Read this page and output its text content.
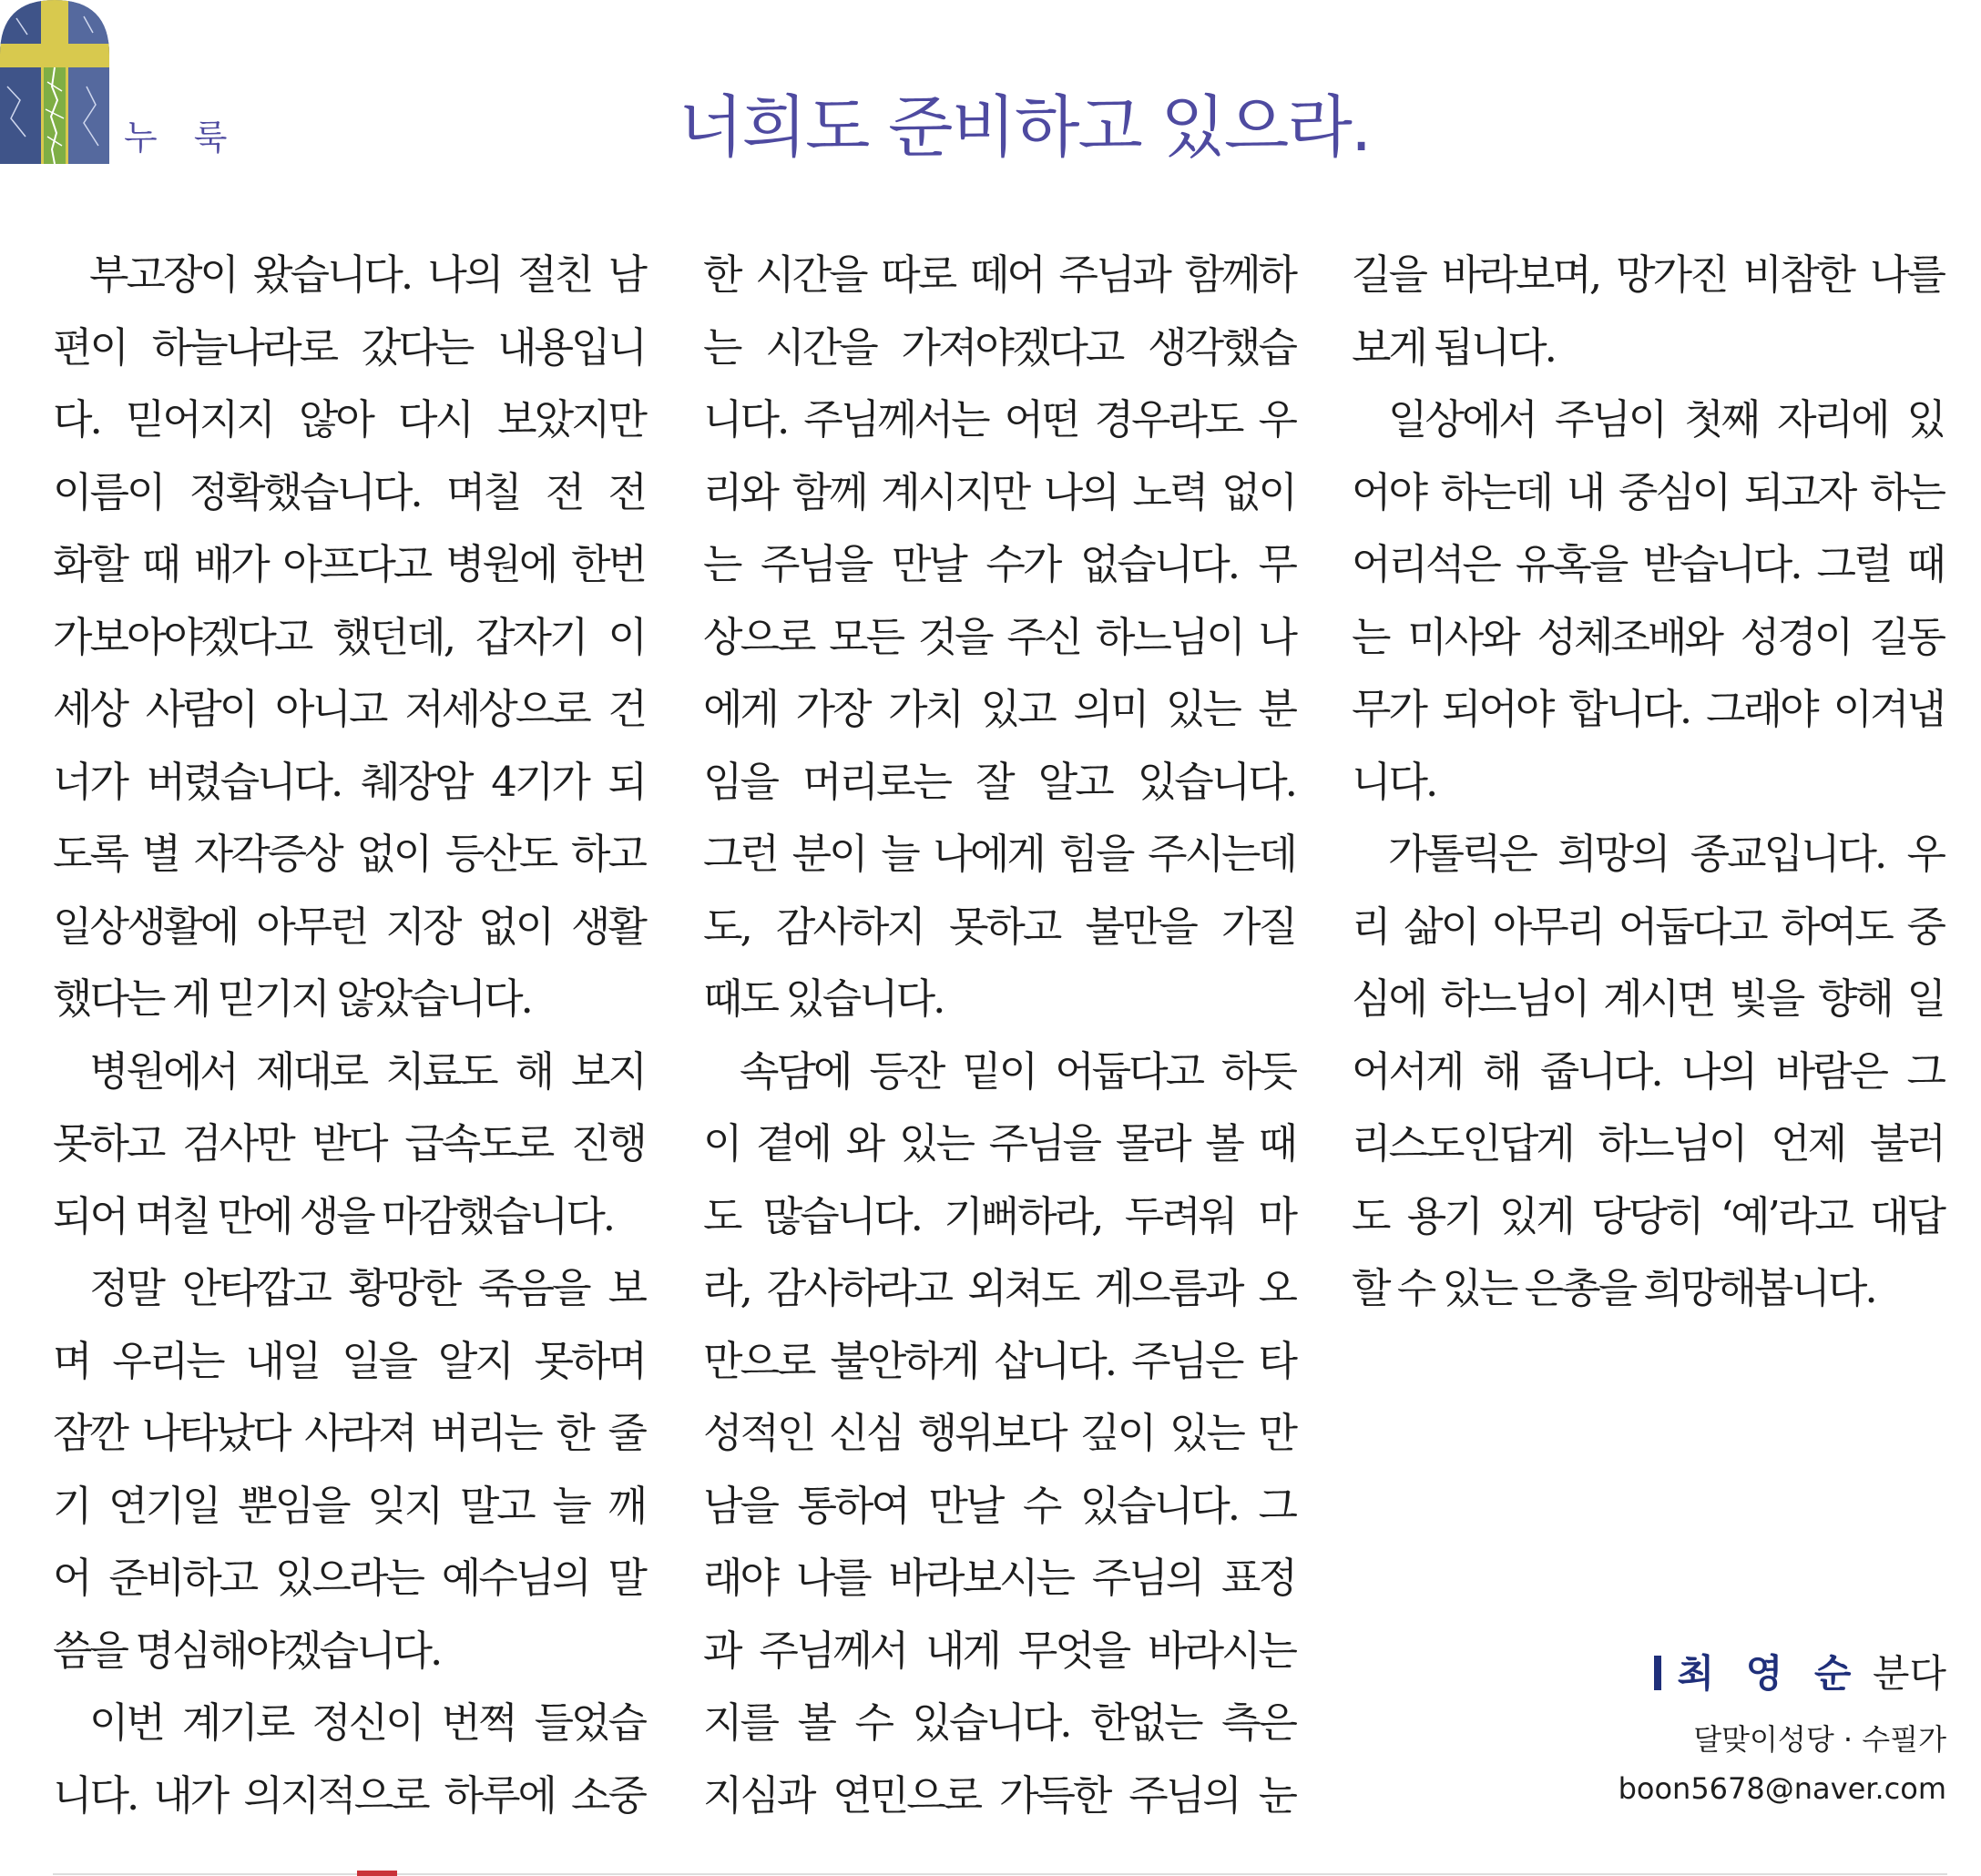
누 룩	너희도 준비하고 있으라.
부고장이 왔습니다. 나의 절친 남
편이 하늘나라로 갔다는 내용입니
다. 믿어지지 않아 다시 보았지만
이름이 정확했습니다. 며칠 전 전
화할 때 배가 아프다고 병원에 한번
가보아야겠다고 했던데, 갑자기 이
세상 사람이 아니고 저세상으로 건
너가 버렸습니다. 췌장암 4기가 되
도록 별 자각증상 없이 등산도 하고
일상생활에 아무런 지장 없이 생활
했다는 게 믿기지 않았습니다.
병원에서 제대로 치료도 해 보지
못하고 검사만 받다 급속도로 진행
되어 며칠 만에 생을 마감했습니다.
정말 안타깝고 황망한 죽음을 보
며 우리는 내일 일을 알지 못하며
잠깐 나타났다 사라져 버리는 한 줄
기 연기일 뿐임을 잊지 말고 늘 깨
어 준비하고 있으라는 예수님의 말
씀을 명심해야겠습니다.
이번 계기로 정신이 번쩍 들었습
니다. 내가 의지적으로 하루에 소중
한 시간을 따로 떼어 주님과 함께하
는 시간을 가져야겠다고 생각했습
니다. 주님께서는 어떤 경우라도 우
리와 함께 계시지만 나의 노력 없이
는 주님을 만날 수가 없습니다. 무
상으로 모든 것을 주신 하느님이 나
에게 가장 가치 있고 의미 있는 분
임을 머리로는 잘 알고 있습니다.
그런 분이 늘 나에게 힘을 주시는데
도, 감사하지 못하고 불만을 가질
때도 있습니다.
속담에 등잔 밑이 어둡다고 하듯
이 곁에 와 있는 주님을 몰라 볼 때
도 많습니다. 기뻐하라, 두려워 마
라, 감사하라고 외쳐도 게으름과 오
만으로 불안하게 삽니다. 주님은 타
성적인 신심 행위보다 깊이 있는 만
남을 통하여 만날 수 있습니다. 그
래야 나를 바라보시는 주님의 표정
과 주님께서 내게 무엇을 바라시는
지를 볼 수 있습니다. 한없는 측은
지심과 연민으로 가득한 주님의 눈
길을 바라보며, 망가진 비참한 나를
보게 됩니다.
일상에서 주님이 첫째 자리에 있
어야 하는데 내 중심이 되고자 하는
어리석은 유혹을 받습니다. 그럴 때
는 미사와 성체조배와 성경이 길동
무가 되어야 합니다. 그래야 이겨냅
니다.
가톨릭은 희망의 종교입니다. 우
리 삶이 아무리 어둡다고 하여도 중
심에 하느님이 계시면 빛을 향해 일
어서게 해 줍니다. 나의 바람은 그
리스도인답게 하느님이 언제 불러
도 용기 있게 당당히 ‘예’라고 대답
할 수 있는 은총을 희망해봅니다.
최 영 순 분다
달맞이성당 · 수필가
boon5678@naver.com
